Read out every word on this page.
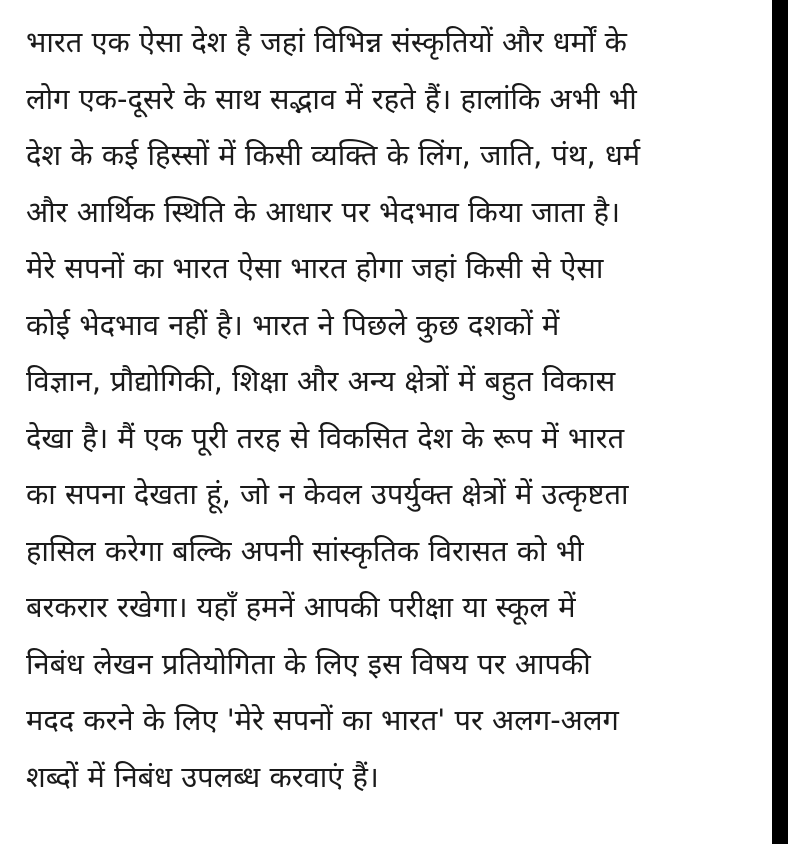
भारत एक ऐसा देश है जहां विभिन्न संस्कृतियों और धर्मों के
लोग एक-दूसरे के साथ सद्भाव में रहते हैं। हालांकि अभी भी
देश के कई हिस्सों में किसी व्यक्ति के लिंग, जाति, पंथ, धर्म
और आर्थिक स्थिति के आधार पर भेदभाव किया जाता है।
मेरे सपनों का भारत ऐसा भारत होगा जहां किसी से ऐसा
कोई भेदभाव नहीं है। भारत ने पिछले कुछ दशकों में
विज्ञान, प्रौद्योगिकी, शिक्षा और अन्य क्षेत्रों में बहुत विकास
देखा है। मैं एक पूरी तरह से विकसित देश के रूप में भारत
का सपना देखता हूं, जो न केवल उपर्युक्त क्षेत्रों में उत्कृष्टता
हासिल करेगा बल्कि अपनी सांस्कृतिक विरासत को भी
बरकरार रखेगा। यहाँ हमनें आपकी परीक्षा या स्कूल में
निबंध लेखन प्रतियोगिता के लिए इस विषय पर आपकी
मदद करने के लिए 'मेरे सपनों का भारत' पर अलग-अलग
शब्दों में निबंध उपलब्ध करवाएं हैं।
